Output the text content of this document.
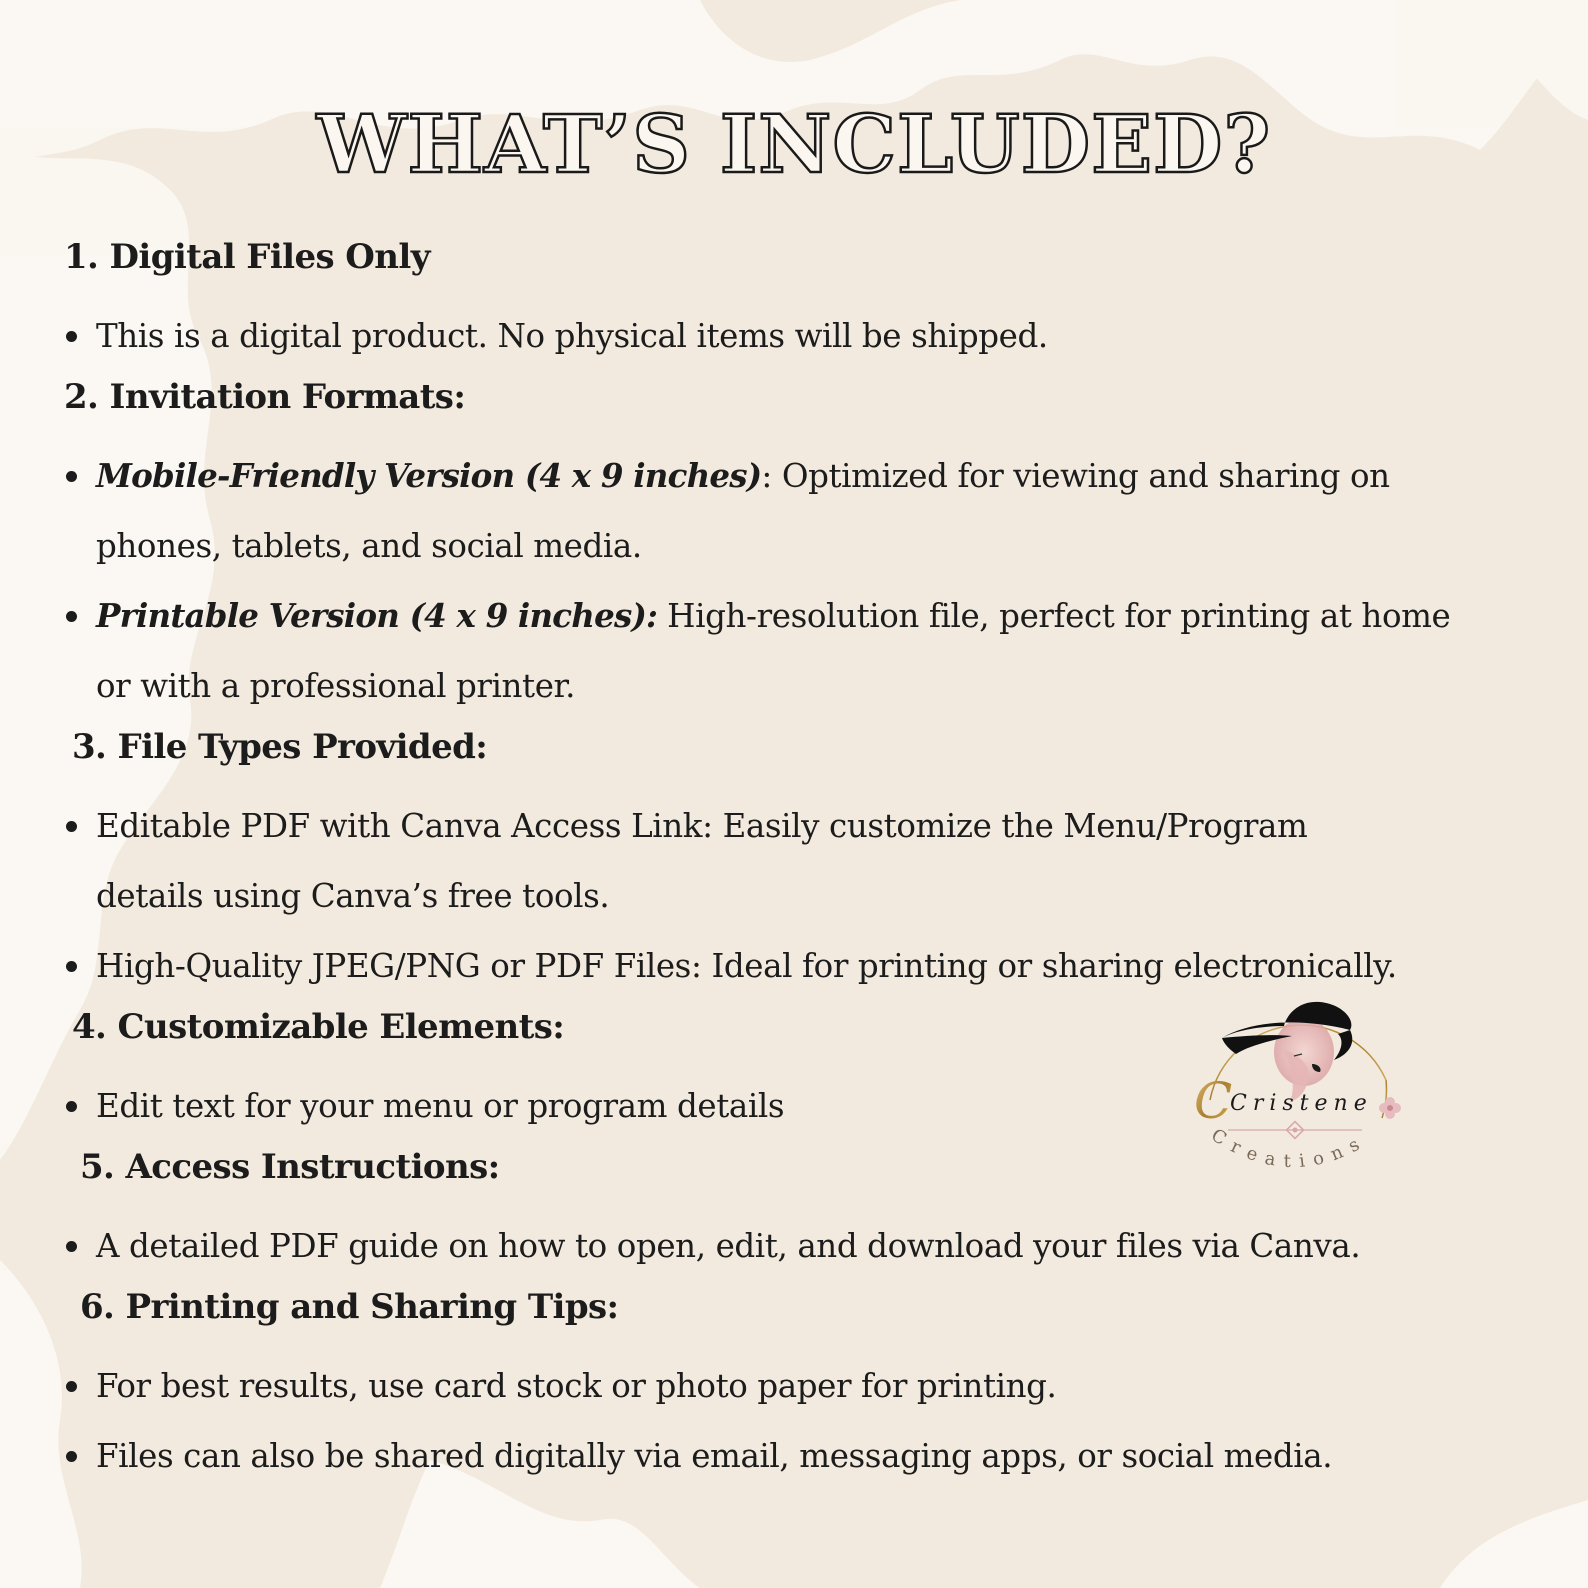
WHAT’S INCLUDED?
1. Digital Files Only
This is a digital product. No physical items will be shipped.
2. Invitation Formats:
Mobile-Friendly Version (4 x 9 inches): Optimized for viewing and sharing on
phones, tablets, and social media.
Printable Version (4 x 9 inches): High-resolution file, perfect for printing at home
or with a professional printer.
3. File Types Provided:
Editable PDF with Canva Access Link: Easily customize the Menu/Program
details using Canva’s free tools.
High-Quality JPEG/PNG or PDF Files: Ideal for printing or sharing electronically.
4. Customizable Elements:
Edit text for your menu or program details
5. Access Instructions:
A detailed PDF guide on how to open, edit, and download your files via Canva.
6. Printing and Sharing Tips:
For best results, use card stock or photo paper for printing.
Files can also be shared digitally via email, messaging apps, or social media.
C
Cristene
Creations
